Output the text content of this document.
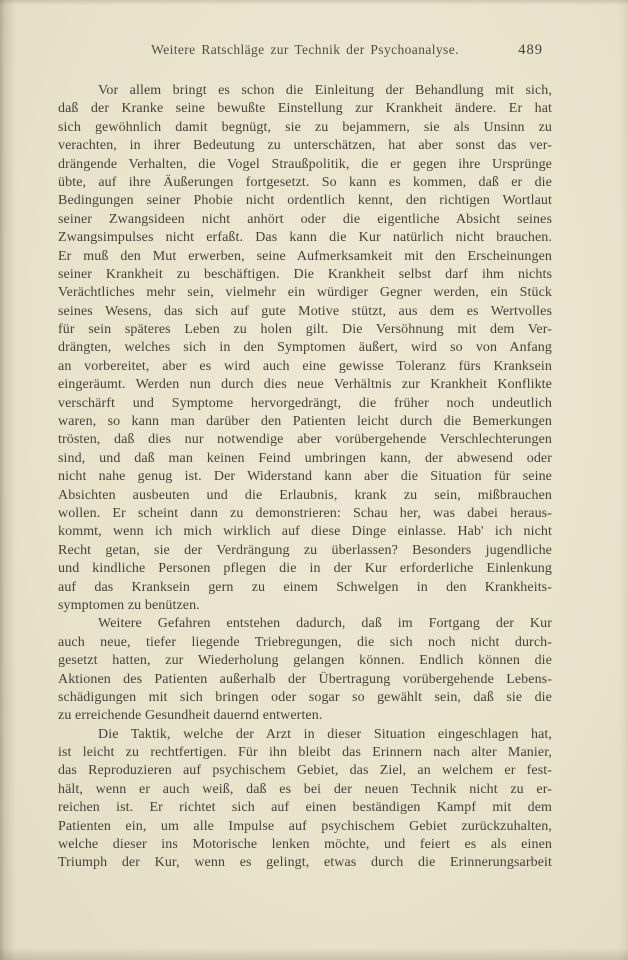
Weitere Ratschläge zur Technik der Psychoanalyse.	489
Vor allem bringt es schon die Einleitung der Behandlung mit sich,
daß der Kranke seine bewußte Einstellung zur Krankheit ändere. Er hat
sich gewöhnlich damit begnügt, sie zu bejammern, sie als Unsinn zu
verachten, in ihrer Bedeutung zu unterschätzen, hat aber sonst das ver-
drängende Verhalten, die Vogel Straußpolitik, die er gegen ihre Ursprünge
übte, auf ihre Äußerungen fortgesetzt. So kann es kommen, daß er die
Bedingungen seiner Phobie nicht ordentlich kennt, den richtigen Wortlaut
seiner Zwangsideen nicht anhört oder die eigentliche Absicht seines
Zwangsimpulses nicht erfaßt. Das kann die Kur natürlich nicht brauchen.
Er muß den Mut erwerben, seine Aufmerksamkeit mit den Erscheinungen
seiner Krankheit zu beschäftigen. Die Krankheit selbst darf ihm nichts
Verächtliches mehr sein, vielmehr ein würdiger Gegner werden, ein Stück
seines Wesens, das sich auf gute Motive stützt, aus dem es Wertvolles
für sein späteres Leben zu holen gilt. Die Versöhnung mit dem Ver-
drängten, welches sich in den Symptomen äußert, wird so von Anfang
an vorbereitet, aber es wird auch eine gewisse Toleranz fürs Kranksein
eingeräumt. Werden nun durch dies neue Verhältnis zur Krankheit Konflikte
verschärft und Symptome hervorgedrängt, die früher noch undeutlich
waren, so kann man darüber den Patienten leicht durch die Bemerkungen
trösten, daß dies nur notwendige aber vorübergehende Verschlechterungen
sind, und daß man keinen Feind umbringen kann, der abwesend oder
nicht nahe genug ist. Der Widerstand kann aber die Situation für seine
Absichten ausbeuten und die Erlaubnis, krank zu sein, mißbrauchen
wollen. Er scheint dann zu demonstrieren: Schau her, was dabei heraus-
kommt, wenn ich mich wirklich auf diese Dinge einlasse. Hab' ich nicht
Recht getan, sie der Verdrängung zu überlassen? Besonders jugendliche
und kindliche Personen pflegen die in der Kur erforderliche Einlenkung
auf das Kranksein gern zu einem Schwelgen in den Krankheits-
symptomen zu benützen.
Weitere Gefahren entstehen dadurch, daß im Fortgang der Kur
auch neue, tiefer liegende Triebregungen, die sich noch nicht durch-
gesetzt hatten, zur Wiederholung gelangen können. Endlich können die
Aktionen des Patienten außerhalb der Übertragung vorübergehende Lebens-
schädigungen mit sich bringen oder sogar so gewählt sein, daß sie die
zu erreichende Gesundheit dauernd entwerten.
Die Taktik, welche der Arzt in dieser Situation eingeschlagen hat,
ist leicht zu rechtfertigen. Für ihn bleibt das Erinnern nach alter Manier,
das Reproduzieren auf psychischem Gebiet, das Ziel, an welchem er fest-
hält, wenn er auch weiß, daß es bei der neuen Technik nicht zu er-
reichen ist. Er richtet sich auf einen beständigen Kampf mit dem
Patienten ein, um alle Impulse auf psychischem Gebiet zurückzuhalten,
welche dieser ins Motorische lenken möchte, und feiert es als einen
Triumph der Kur, wenn es gelingt, etwas durch die Erinnerungsarbeit
